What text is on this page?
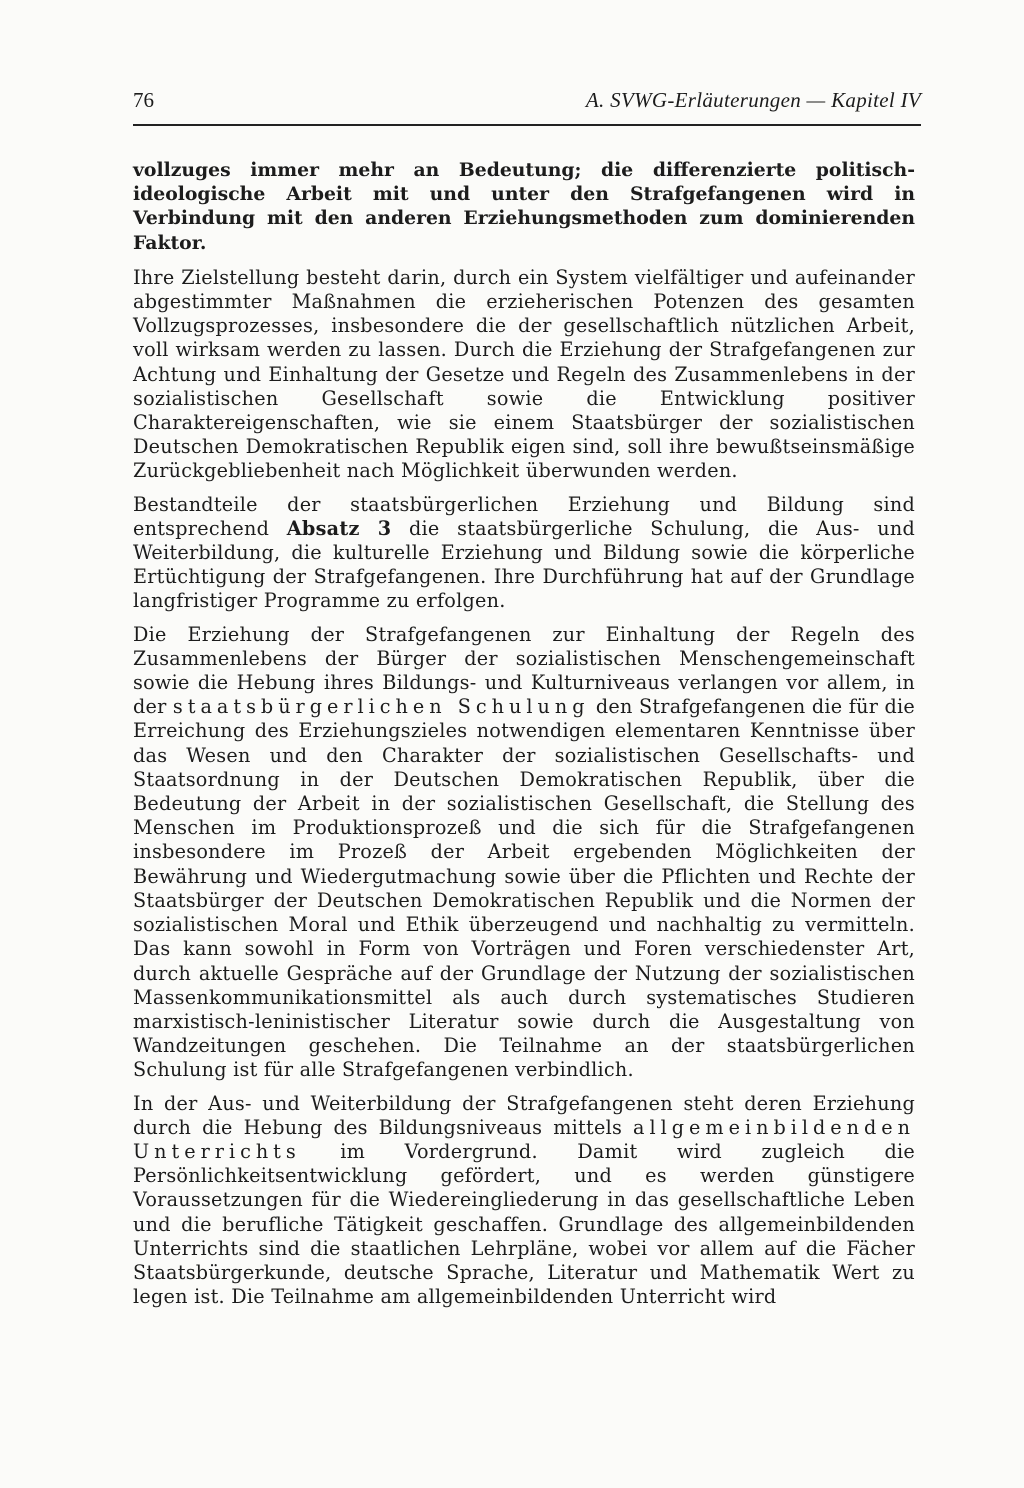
76	A. SVWG-Erläuterungen — Kapitel IV

vollzuges immer mehr an Bedeutung; die differenzierte politisch-ideologische Arbeit mit und unter den Strafgefangenen wird in Verbindung mit den anderen Erziehungsmethoden zum dominierenden Faktor.

Ihre Zielstellung besteht darin, durch ein System vielfältiger und aufeinander abgestimmter Maßnahmen die erzieherischen Potenzen des gesamten Vollzugsprozesses, insbesondere die der gesellschaftlich nützlichen Arbeit, voll wirksam werden zu lassen. Durch die Erziehung der Strafgefangenen zur Achtung und Einhaltung der Gesetze und Regeln des Zusammenlebens in der sozialistischen Gesellschaft sowie die Entwicklung positiver Charaktereigenschaften, wie sie einem Staatsbürger der sozialistischen Deutschen Demokratischen Republik eigen sind, soll ihre bewußtseinsmäßige Zurückgebliebenheit nach Möglichkeit überwunden werden.

Bestandteile der staatsbürgerlichen Erziehung und Bildung sind entsprechend Absatz 3 die staatsbürgerliche Schulung, die Aus- und Weiterbildung, die kulturelle Erziehung und Bildung sowie die körperliche Ertüchtigung der Strafgefangenen. Ihre Durchführung hat auf der Grundlage langfristiger Programme zu erfolgen.

Die Erziehung der Strafgefangenen zur Einhaltung der Regeln des Zusammenlebens der Bürger der sozialistischen Menschengemeinschaft sowie die Hebung ihres Bildungs- und Kulturniveaus verlangen vor allem, in der staatsbürgerlichen Schulung den Strafgefangenen die für die Erreichung des Erziehungszieles notwendigen elementaren Kenntnisse über das Wesen und den Charakter der sozialistischen Gesellschafts- und Staatsordnung in der Deutschen Demokratischen Republik, über die Bedeutung der Arbeit in der sozialistischen Gesellschaft, die Stellung des Menschen im Produktionsprozeß und die sich für die Strafgefangenen insbesondere im Prozeß der Arbeit ergebenden Möglichkeiten der Bewährung und Wiedergutmachung sowie über die Pflichten und Rechte der Staatsbürger der Deutschen Demokratischen Republik und die Normen der sozialistischen Moral und Ethik überzeugend und nachhaltig zu vermitteln. Das kann sowohl in Form von Vorträgen und Foren verschiedenster Art, durch aktuelle Gespräche auf der Grundlage der Nutzung der sozialistischen Massenkommunikationsmittel als auch durch systematisches Studieren marxistisch-leninistischer Literatur sowie durch die Ausgestaltung von Wandzeitungen geschehen. Die Teilnahme an der staatsbürgerlichen Schulung ist für alle Strafgefangenen verbindlich.

In der Aus- und Weiterbildung der Strafgefangenen steht deren Erziehung durch die Hebung des Bildungsniveaus mittels allgemeinbildenden Unterrichts im Vordergrund. Damit wird zugleich die Persönlichkeitsentwicklung gefördert, und es werden günstigere Voraussetzungen für die Wiedereingliederung in das gesellschaftliche Leben und die berufliche Tätigkeit geschaffen. Grundlage des allgemeinbildenden Unterrichts sind die staatlichen Lehrpläne, wobei vor allem auf die Fächer Staatsbürgerkunde, deutsche Sprache, Literatur und Mathematik Wert zu legen ist. Die Teilnahme am allgemeinbildenden Unterricht wird
